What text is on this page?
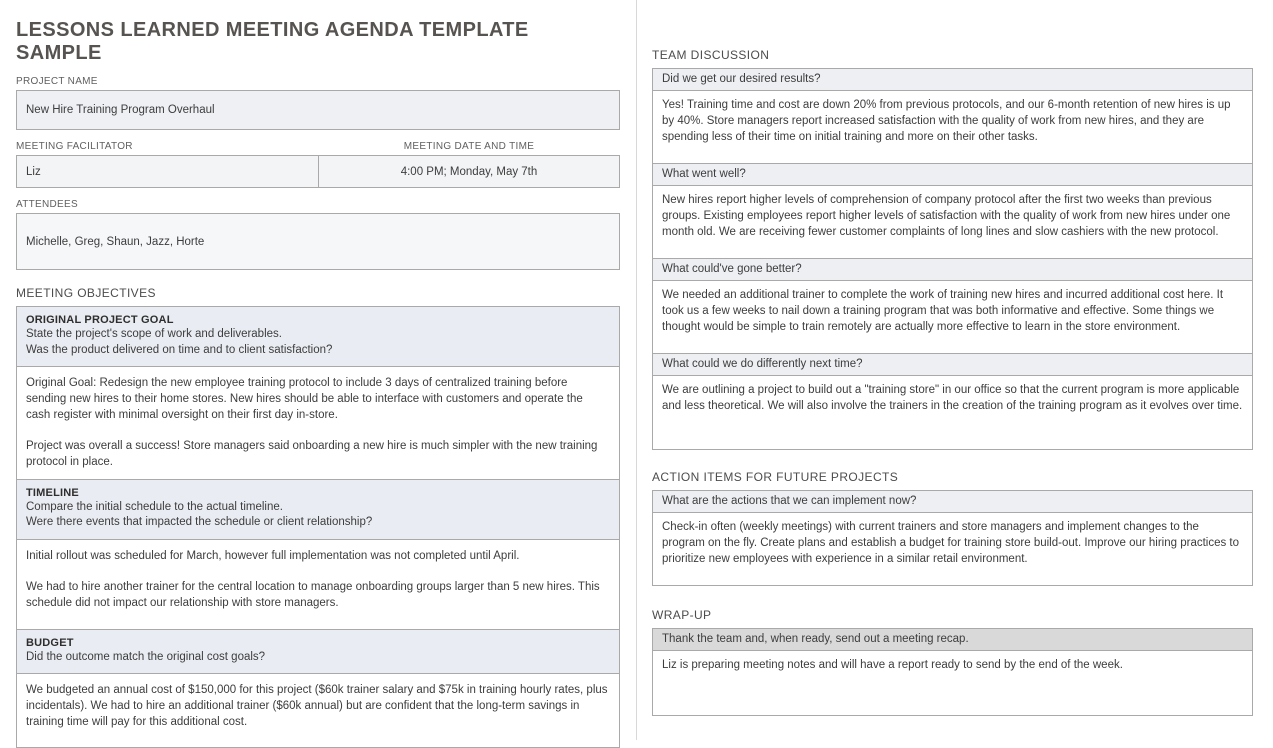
LESSONS LEARNED MEETING AGENDA TEMPLATE SAMPLE
PROJECT NAME
New Hire Training Program Overhaul
MEETING FACILITATOR	MEETING DATE AND TIME
Liz	4:00 PM; Monday, May 7th
ATTENDEES
Michelle, Greg, Shaun, Jazz, Horte
MEETING OBJECTIVES
ORIGINAL PROJECT GOAL
State the project's scope of work and deliverables.
Was the product delivered on time and to client satisfaction?

Original Goal: Redesign the new employee training protocol to include 3 days of centralized training before sending new hires to their home stores. New hires should be able to interface with customers and operate the cash register with minimal oversight on their first day in-store.

Project was overall a success! Store managers said onboarding a new hire is much simpler with the new training protocol in place.

TIMELINE
Compare the initial schedule to the actual timeline.
Were there events that impacted the schedule or client relationship?

Initial rollout was scheduled for March, however full implementation was not completed until April.

We had to hire another trainer for the central location to manage onboarding groups larger than 5 new hires. This schedule did not impact our relationship with store managers.

BUDGET
Did the outcome match the original cost goals?

We budgeted an annual cost of $150,000 for this project ($60k trainer salary and $75k in training hourly rates, plus incidentals). We had to hire an additional trainer ($60k annual) but are confident that the long-term savings in training time will pay for this additional cost.

TEAM DISCUSSION
Did we get our desired results?
Yes! Training time and cost are down 20% from previous protocols, and our 6-month retention of new hires is up by 40%. Store managers report increased satisfaction with the quality of work from new hires, and they are spending less of their time on initial training and more on their other tasks.
What went well?
New hires report higher levels of comprehension of company protocol after the first two weeks than previous groups. Existing employees report higher levels of satisfaction with the quality of work from new hires under one month old. We are receiving fewer customer complaints of long lines and slow cashiers with the new protocol.
What could've gone better?
We needed an additional trainer to complete the work of training new hires and incurred additional cost here. It took us a few weeks to nail down a training program that was both informative and effective. Some things we thought would be simple to train remotely are actually more effective to learn in the store environment.
What could we do differently next time?
We are outlining a project to build out a "training store" in our office so that the current program is more applicable and less theoretical. We will also involve the trainers in the creation of the training program as it evolves over time.
ACTION ITEMS FOR FUTURE PROJECTS
What are the actions that we can implement now?
Check-in often (weekly meetings) with current trainers and store managers and implement changes to the program on the fly. Create plans and establish a budget for training store build-out. Improve our hiring practices to prioritize new employees with experience in a similar retail environment.
WRAP-UP
Thank the team and, when ready, send out a meeting recap.
Liz is preparing meeting notes and will have a report ready to send by the end of the week.
